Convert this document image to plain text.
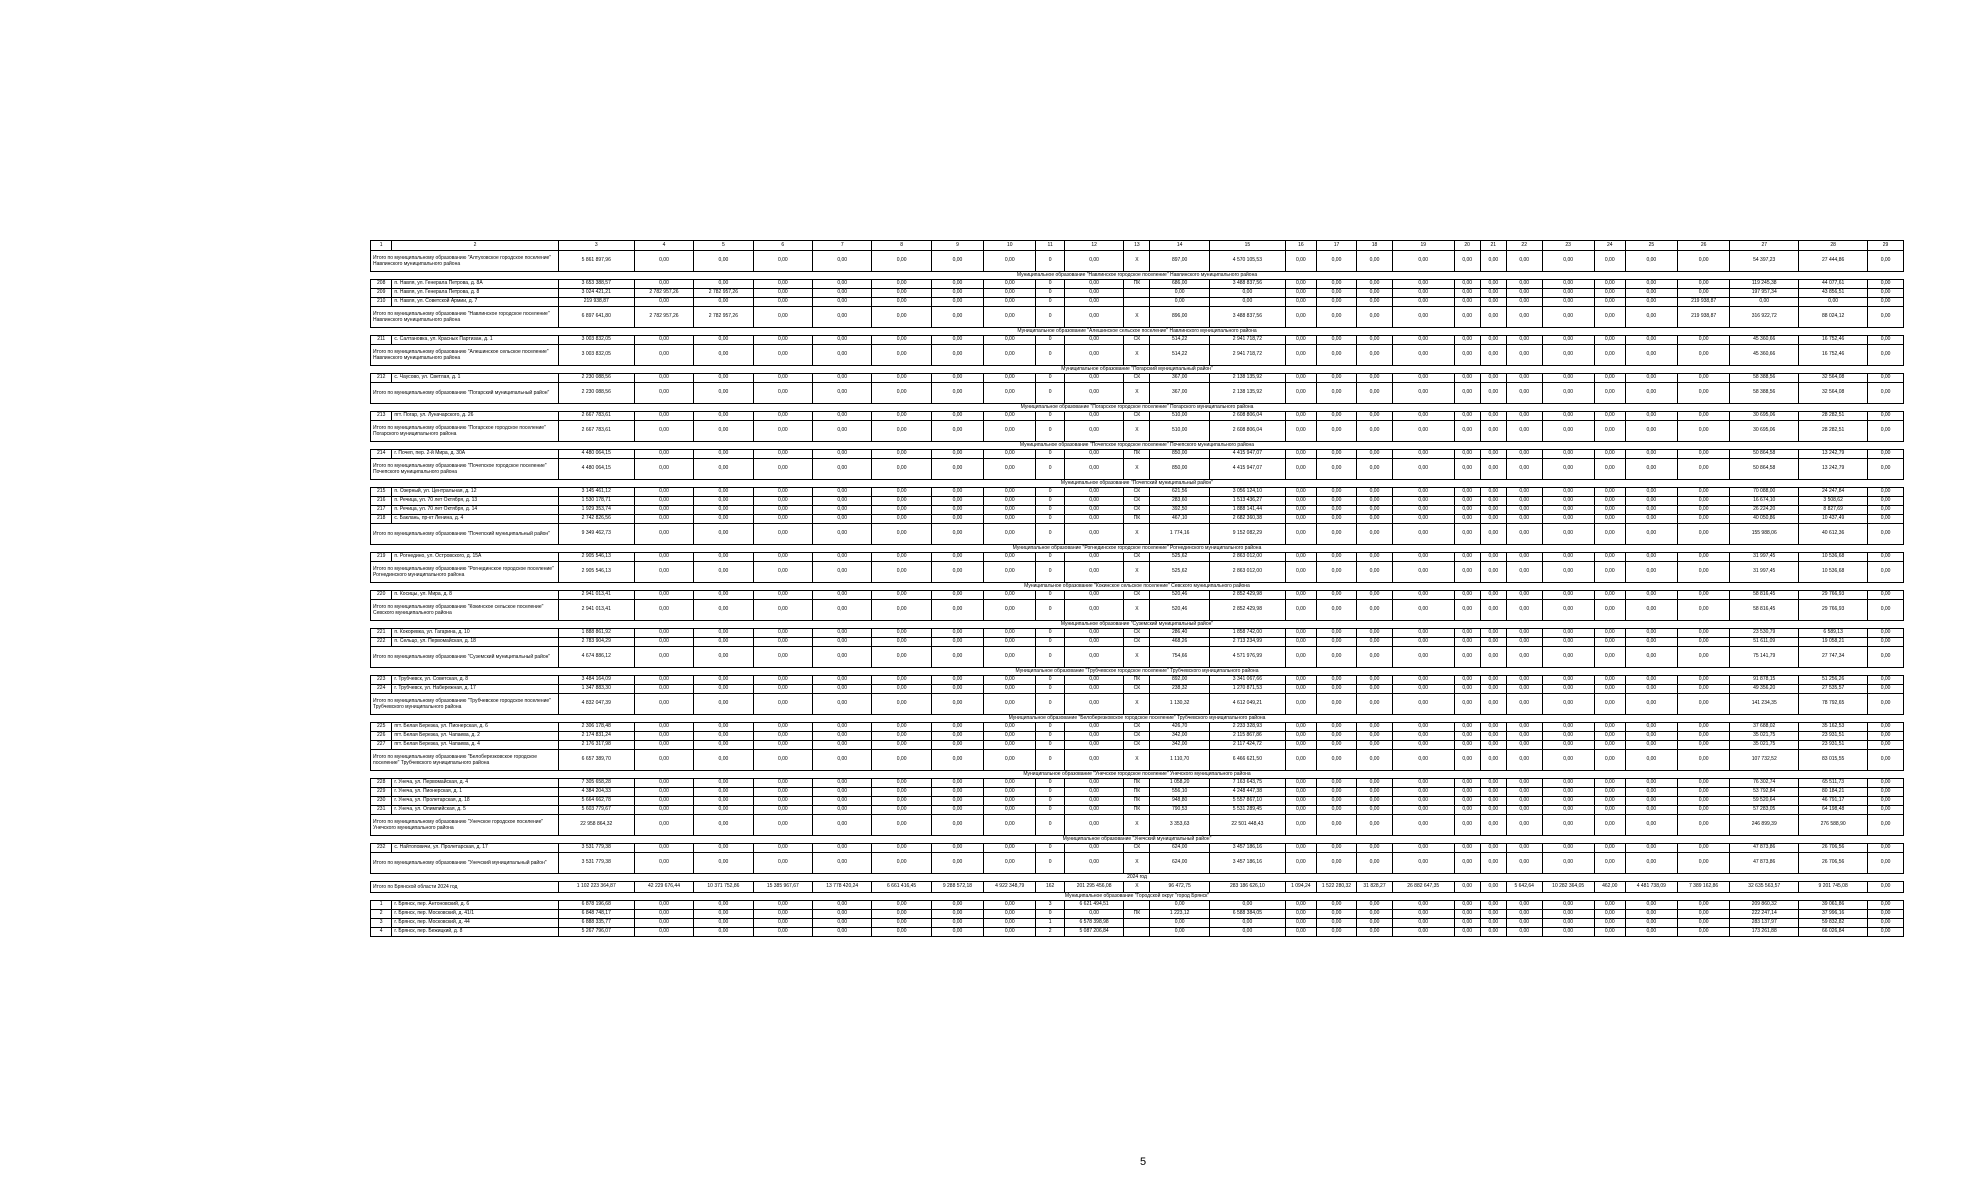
1	2	3	4	5	6	7	8	9	10	11	12	13	14	15	16	17	18	19	20	21	22	23	24	25	26	27	28	29
Итого по муниципальному образованию "Алтуховское городское поселение" Навлинского муниципального района		5 861 897,96	0,00	0,00	0,00	0,00	0,00	0,00	0,00	0	0,00	X	897,00	4 570 105,53	0,00	0,00	0,00	0,00	0,00	0,00	0,00	0,00	0,00	0,00	0,00	54 397,23	27 444,86	0,00
Муниципальное образование "Навлинское городское поселение" Навлинского муниципального района																												
208	п. Навля, ул. Генерала Петрова, д. 8А	3 653 388,57	0,00	0,00	0,00	0,00	0,00	0,00	0,00	0	0,00	ПК	686,00	3 488 837,56	0,00	0,00	0,00	0,00	0,00	0,00	0,00	0,00	0,00	0,00	0,00	119 245,38	44 077,61	0,00
209	п. Навля, ул. Генерала Петрова, д. 8	3 024 421,21	2 782 957,26	2 782 957,26	0,00	0,00	0,00	0,00	0,00	0	0,00		0,00	0,00	0,00	0,00	0,00	0,00	0,00	0,00	0,00	0,00	0,00	0,00	0,00	197 957,34	43 856,51	0,00
210	п. Навля, ул. Советской Армии, д. 7	219 938,87	0,00	0,00	0,00	0,00	0,00	0,00	0,00	0	0,00		0,00	0,00	0,00	0,00	0,00	0,00	0,00	0,00	0,00	0,00	0,00	0,00	219 938,87	0,00	0,00	0,00
Итого по муниципальному образованию "Навлинское городское поселение" Навлинского муниципального района		6 897 641,80	2 782 957,26	2 782 957,26	0,00	0,00	0,00	0,00	0,00	0	0,00	X	896,00	3 488 837,56	0,00	0,00	0,00	0,00	0,00	0,00	0,00	0,00	0,00	0,00	219 938,87	316 922,72	88 024,12	0,00
Муниципальное образование "Алешинское сельское поселение" Навлинского муниципального района																												
211	с. Салтановка, ул. Красных Партизан, д. 1	3 003 832,05	0,00	0,00	0,00	0,00	0,00	0,00	0,00	0	0,00	СК	514,22	2 941 718,72	0,00	0,00	0,00	0,00	0,00	0,00	0,00	0,00	0,00	0,00	0,00	45 360,66	16 752,46	0,00
Итого по муниципальному образованию "Алешинское сельское поселение" Навлинского муниципального района		3 003 832,05	0,00	0,00	0,00	0,00	0,00	0,00	0,00	0	0,00	X	514,22	2 941 718,72	0,00	0,00	0,00	0,00	0,00	0,00	0,00	0,00	0,00	0,00	0,00	45 360,66	16 752,46	0,00
Муниципальное образование "Погарский муниципальный район"																												
212	с. Чаусово, ул. Светлая, д. 1	2 230 088,56	0,00	0,00	0,00	0,00	0,00	0,00	0,00	0	0,00	СК	367,00	2 138 135,92	0,00	0,00	0,00	0,00	0,00	0,00	0,00	0,00	0,00	0,00	0,00	58 388,56	32 564,08	0,00
Итого по муниципальному образованию "Погарский муниципальный район"		2 230 088,56	0,00	0,00	0,00	0,00	0,00	0,00	0,00	0	0,00	X	367,00	2 138 135,92	0,00	0,00	0,00	0,00	0,00	0,00	0,00	0,00	0,00	0,00	0,00	58 388,56	32 564,08	0,00
Муниципальное образование "Погарское городское поселение" Погарского муниципального района																												
213	пгт. Погар, ул. Луначарского, д. 26	2 667 783,61	0,00	0,00	0,00	0,00	0,00	0,00	0,00	0	0,00	СК	510,00	2 608 806,04	0,00	0,00	0,00	0,00	0,00	0,00	0,00	0,00	0,00	0,00	0,00	30 695,06	28 282,51	0,00
Итого по муниципальному образованию "Погарское городское поселение" Погарского муниципального района		2 667 783,61	0,00	0,00	0,00	0,00	0,00	0,00	0,00	0	0,00	X	510,00	2 608 806,04	0,00	0,00	0,00	0,00	0,00	0,00	0,00	0,00	0,00	0,00	0,00	30 695,06	28 282,51	0,00
Муниципальное образование "Почепское городское поселение" Почепского муниципального района																												
214	г. Почеп, пер. 2-й Мира, д. 30А	4 480 064,15	0,00	0,00	0,00	0,00	0,00	0,00	0,00	0	0,00	ПК	850,00	4 415 947,07	0,00	0,00	0,00	0,00	0,00	0,00	0,00	0,00	0,00	0,00	0,00	50 864,58	13 242,79	0,00
Итого по муниципальному образованию "Почепское городское поселение" Почепского муниципального района		4 480 064,15	0,00	0,00	0,00	0,00	0,00	0,00	0,00	0	0,00	X	850,00	4 415 947,07	0,00	0,00	0,00	0,00	0,00	0,00	0,00	0,00	0,00	0,00	0,00	50 864,58	13 242,79	0,00
Муниципальное образование "Почепский муниципальный район"																												
215	п. Озерный, ул. Центральная, д. 12	3 145 461,12	0,00	0,00	0,00	0,00	0,00	0,00	0,00	0	0,00	СК	621,56	3 056 124,10	0,00	0,00	0,00	0,00	0,00	0,00	0,00	0,00	0,00	0,00	0,00	70 088,00	24 247,84	0,00
216	п. Речица, ул. 70 лет Октября, д. 13	1 530 178,71	0,00	0,00	0,00	0,00	0,00	0,00	0,00	0	0,00	СК	283,60	1 513 436,27	0,00	0,00	0,00	0,00	0,00	0,00	0,00	0,00	0,00	0,00	0,00	16 674,10	3 508,62	0,00
217	п. Речица, ул. 70 лет Октября, д. 14	1 929 353,74	0,00	0,00	0,00	0,00	0,00	0,00	0,00	0	0,00	СК	392,50	1 888 141,44	0,00	0,00	0,00	0,00	0,00	0,00	0,00	0,00	0,00	0,00	0,00	26 224,20	8 827,69	0,00
218	с. Баклань, пр-кт Ленина, д. 4	2 742 826,56	0,00	0,00	0,00	0,00	0,00	0,00	0,00	0	0,00	ПК	467,10	2 682 360,38	0,00	0,00	0,00	0,00	0,00	0,00	0,00	0,00	0,00	0,00	0,00	40 050,86	10 437,49	0,00
Итого по муниципальному образованию "Почепский муниципальный район"		9 349 462,73	0,00	0,00	0,00	0,00	0,00	0,00	0,00	0	0,00	X	1 774,16	9 152 082,29	0,00	0,00	0,00	0,00	0,00	0,00	0,00	0,00	0,00	0,00	0,00	155 988,06	40 612,36	0,00
Муниципальное образование "Рогнединское городское поселение" Рогнединского муниципального района																												
219	п. Рогнедино, ул. Островского, д. 15А	2 905 546,13	0,00	0,00	0,00	0,00	0,00	0,00	0,00	0	0,00	СК	525,62	2 863 012,00	0,00	0,00	0,00	0,00	0,00	0,00	0,00	0,00	0,00	0,00	0,00	31 997,45	10 536,68	0,00
Итого по муниципальному образованию "Рогнединское городское поселение" Рогнединского муниципального района		2 905 546,13	0,00	0,00	0,00	0,00	0,00	0,00	0,00	0	0,00	X	525,62	2 863 012,00	0,00	0,00	0,00	0,00	0,00	0,00	0,00	0,00	0,00	0,00	0,00	31 997,45	10 536,68	0,00
Муниципальное образование "Кокинское сельское поселение" Севского муниципального района																												
220	п. Косицы, ул. Мира, д. 8	2 941 013,41	0,00	0,00	0,00	0,00	0,00	0,00	0,00	0	0,00	СК	520,46	2 852 429,98	0,00	0,00	0,00	0,00	0,00	0,00	0,00	0,00	0,00	0,00	0,00	58 816,45	29 766,93	0,00
Итого по муниципальному образованию "Кокинское сельское поселение" Севского муниципального района		2 941 013,41	0,00	0,00	0,00	0,00	0,00	0,00	0,00	0	0,00	X	520,46	2 852 429,98	0,00	0,00	0,00	0,00	0,00	0,00	0,00	0,00	0,00	0,00	0,00	58 816,45	29 766,93	0,00
Муниципальное образование "Суземский муниципальный район"																												
221	п. Кокоревка, ул. Гагарина, д. 10	1 888 861,92	0,00	0,00	0,00	0,00	0,00	0,00	0,00	0	0,00	СК	286,40	1 858 742,00	0,00	0,00	0,00	0,00	0,00	0,00	0,00	0,00	0,00	0,00	0,00	23 530,79	6 589,13	0,00
222	п. Сельцо, ул. Первомайская, д. 18	2 783 904,29	0,00	0,00	0,00	0,00	0,00	0,00	0,00	0	0,00	СК	468,26	2 713 234,99	0,00	0,00	0,00	0,00	0,00	0,00	0,00	0,00	0,00	0,00	0,00	51 611,09	19 058,21	0,00
Итого по муниципальному образованию "Суземский муниципальный район"		4 674 886,12	0,00	0,00	0,00	0,00	0,00	0,00	0,00	0	0,00	X	754,66	4 571 976,99	0,00	0,00	0,00	0,00	0,00	0,00	0,00	0,00	0,00	0,00	0,00	75 141,79	27 747,34	0,00
Муниципальное образование "Трубчевское городское поселение" Трубчевского муниципального района																												
223	г. Трубчевск, ул. Советская, д. 8	3 484 164,09	0,00	0,00	0,00	0,00	0,00	0,00	0,00	0	0,00	ПК	892,00	3 341 067,66	0,00	0,00	0,00	0,00	0,00	0,00	0,00	0,00	0,00	0,00	0,00	91 878,15	51 256,26	0,00
224	г. Трубчевск, ул. Набережная, д. 17	1 347 883,30	0,00	0,00	0,00	0,00	0,00	0,00	0,00	0	0,00	СК	238,32	1 270 871,53	0,00	0,00	0,00	0,00	0,00	0,00	0,00	0,00	0,00	0,00	0,00	49 356,20	27 535,57	0,00
Итого по муниципальному образованию "Трубчевское городское поселение" Трубчевского муниципального района		4 832 047,39	0,00	0,00	0,00	0,00	0,00	0,00	0,00	0	0,00	X	1 130,32	4 612 049,21	0,00	0,00	0,00	0,00	0,00	0,00	0,00	0,00	0,00	0,00	0,00	141 234,35	78 792,65	0,00
Муниципальное образование "Белоберезковское городское поселение" Трубчевского муниципального района																												
225	пгт. Белая Березка, ул. Пионерская, д. 6	2 306 178,48	0,00	0,00	0,00	0,00	0,00	0,00	0,00	0	0,00	СК	426,70	2 233 328,93	0,00	0,00	0,00	0,00	0,00	0,00	0,00	0,00	0,00	0,00	0,00	37 688,02	35 162,53	0,00
226	пгт. Белая Березка, ул. Чапаева, д. 2	2 174 831,24	0,00	0,00	0,00	0,00	0,00	0,00	0,00	0	0,00	СК	342,00	2 115 867,86	0,00	0,00	0,00	0,00	0,00	0,00	0,00	0,00	0,00	0,00	0,00	35 021,75	23 931,51	0,00
227	пгт. Белая Березка, ул. Чапаева, д. 4	2 176 317,98	0,00	0,00	0,00	0,00	0,00	0,00	0,00	0	0,00	СК	342,00	2 117 424,72	0,00	0,00	0,00	0,00	0,00	0,00	0,00	0,00	0,00	0,00	0,00	35 021,75	23 931,51	0,00
Итого по муниципальному образованию "Белоберезковское городское поселение" Трубчевского муниципального района		6 657 389,70	0,00	0,00	0,00	0,00	0,00	0,00	0,00	0	0,00	X	1 110,70	6 466 621,50	0,00	0,00	0,00	0,00	0,00	0,00	0,00	0,00	0,00	0,00	0,00	107 732,52	83 015,55	0,00
Муниципальное образование "Унечское городское поселение" Унечского муниципального района																												
228	г. Унеча, ул. Первомайская, д. 4	7 305 658,28	0,00	0,00	0,00	0,00	0,00	0,00	0,00	0	0,00	ПК	1 058,20	7 163 643,75	0,00	0,00	0,00	0,00	0,00	0,00	0,00	0,00	0,00	0,00	0,00	76 302,74	65 511,73	0,00
229	г. Унеча, ул. Пионерская, д. 1	4 384 204,33	0,00	0,00	0,00	0,00	0,00	0,00	0,00	0	0,00	ПК	556,10	4 248 447,38	0,00	0,00	0,00	0,00	0,00	0,00	0,00	0,00	0,00	0,00	0,00	53 792,84	80 184,21	0,00
230	г. Унеча, ул. Пролетарская, д. 18	5 664 662,78	0,00	0,00	0,00	0,00	0,00	0,00	0,00	0	0,00	ПК	948,80	5 557 867,10	0,00	0,00	0,00	0,00	0,00	0,00	0,00	0,00	0,00	0,00	0,00	59 520,64	46 791,17	0,00
231	г. Унеча, ул. Олимпийская, д. 5	5 603 779,67	0,00	0,00	0,00	0,00	0,00	0,00	0,00	0	0,00	ПК	790,53	5 531 289,45	0,00	0,00	0,00	0,00	0,00	0,00	0,00	0,00	0,00	0,00	0,00	57 283,05	64 198,48	0,00
Итого по муниципальному образованию "Унечское городское поселение" Унечского муниципального района		22 958 864,32	0,00	0,00	0,00	0,00	0,00	0,00	0,00	0	0,00	X	3 353,63	22 501 448,43	0,00	0,00	0,00	0,00	0,00	0,00	0,00	0,00	0,00	0,00	0,00	246 899,39	276 588,90	0,00
Муниципальное образование "Унечский муниципальный район"																												
232	с. Найтоповичи, ул. Пролетарская, д. 17	3 531 779,38	0,00	0,00	0,00	0,00	0,00	0,00	0,00	0	0,00	СК	624,00	3 457 186,16	0,00	0,00	0,00	0,00	0,00	0,00	0,00	0,00	0,00	0,00	0,00	47 873,86	26 706,56	0,00
Итого по муниципальному образованию "Унечский муниципальный район"		3 531 779,38	0,00	0,00	0,00	0,00	0,00	0,00	0,00	0	0,00	X	624,00	3 457 186,16	0,00	0,00	0,00	0,00	0,00	0,00	0,00	0,00	0,00	0,00	0,00	47 873,86	26 706,56	0,00
2024 год																												
Итого по Брянской области 2024 год		1 102 223 364,87	42 229 676,44	10 371 752,86	15 385 967,67	13 778 420,24	6 661 416,45	9 288 572,18	4 922 348,79	162	201 295 456,08	X	96 472,75	283 186 626,10	1 094,24	1 522 280,32	31 828,27	26 882 647,35	0,00	0,00	5 642,64	10 282 364,05	462,00	4 481 738,09	7 389 162,86	32 635 563,57	9 201 745,08	0,00
Муниципальное образование "Городской округ "город Брянск"																												
1	г. Брянск, пер. Антоновский, д. 6	6 878 196,68	0,00	0,00	0,00	0,00	0,00	0,00	0,00	3	6 621 494,51		0,00	0,00	0,00	0,00	0,00	0,00	0,00	0,00	0,00	0,00	0,00	0,00	0,00	209 860,32	39 061,86	0,00
2	г. Брянск, пер. Московский, д. 41/1	6 848 748,17	0,00	0,00	0,00	0,00	0,00	0,00	0,00	0	0,00	ПК	1 223,12	6 588 384,05	0,00	0,00	0,00	0,00	0,00	0,00	0,00	0,00	0,00	0,00	0,00	222 247,14	37 996,16	0,00
3	г. Брянск, пер. Московский, д. 44	6 888 335,77	0,00	0,00	0,00	0,00	0,00	0,00	0,00	1	6 578 398,98		0,00	0,00	0,00	0,00	0,00	0,00	0,00	0,00	0,00	0,00	0,00	0,00	0,00	283 137,97	59 832,82	0,00
4	г. Брянск, пер. Бежицкий, д. 8	5 267 796,07	0,00	0,00	0,00	0,00	0,00	0,00	0,00	2	5 087 206,84		0,00	0,00	0,00	0,00	0,00	0,00	0,00	0,00	0,00	0,00	0,00	0,00	0,00	173 261,88	66 026,84	0,00
5
